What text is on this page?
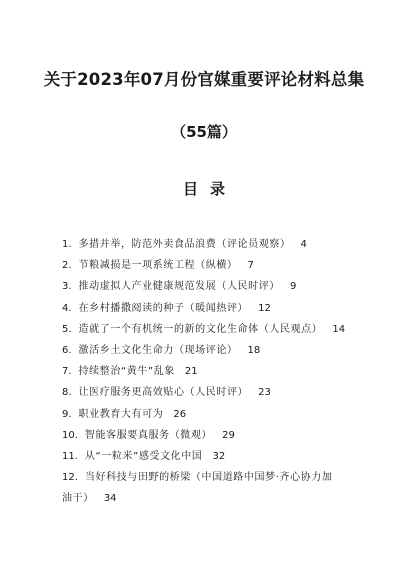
关于2023年07月份官媒重要评论材料总集
（55篇）
目录
1. 多措并举，防范外卖食品浪费（评论员观察） 4
2. 节粮减损是一项系统工程（纵横） 7
3. 推动虚拟人产业健康规范发展（人民时评） 9
4. 在乡村播撒阅读的种子（暖闻热评） 12
5. 造就了一个有机统一的新的文化生命体（人民观点） 14
6. 激活乡土文化生命力（现场评论） 18
7. 持续整治“黄牛”乱象 21
8. 让医疗服务更高效贴心（人民时评） 23
9. 职业教育大有可为 26
10. 智能客服要真服务（微观） 29
11. 从“一粒米”感受文化中国 32
12. 当好科技与田野的桥梁（中国道路中国梦·齐心协力加
油干） 34
